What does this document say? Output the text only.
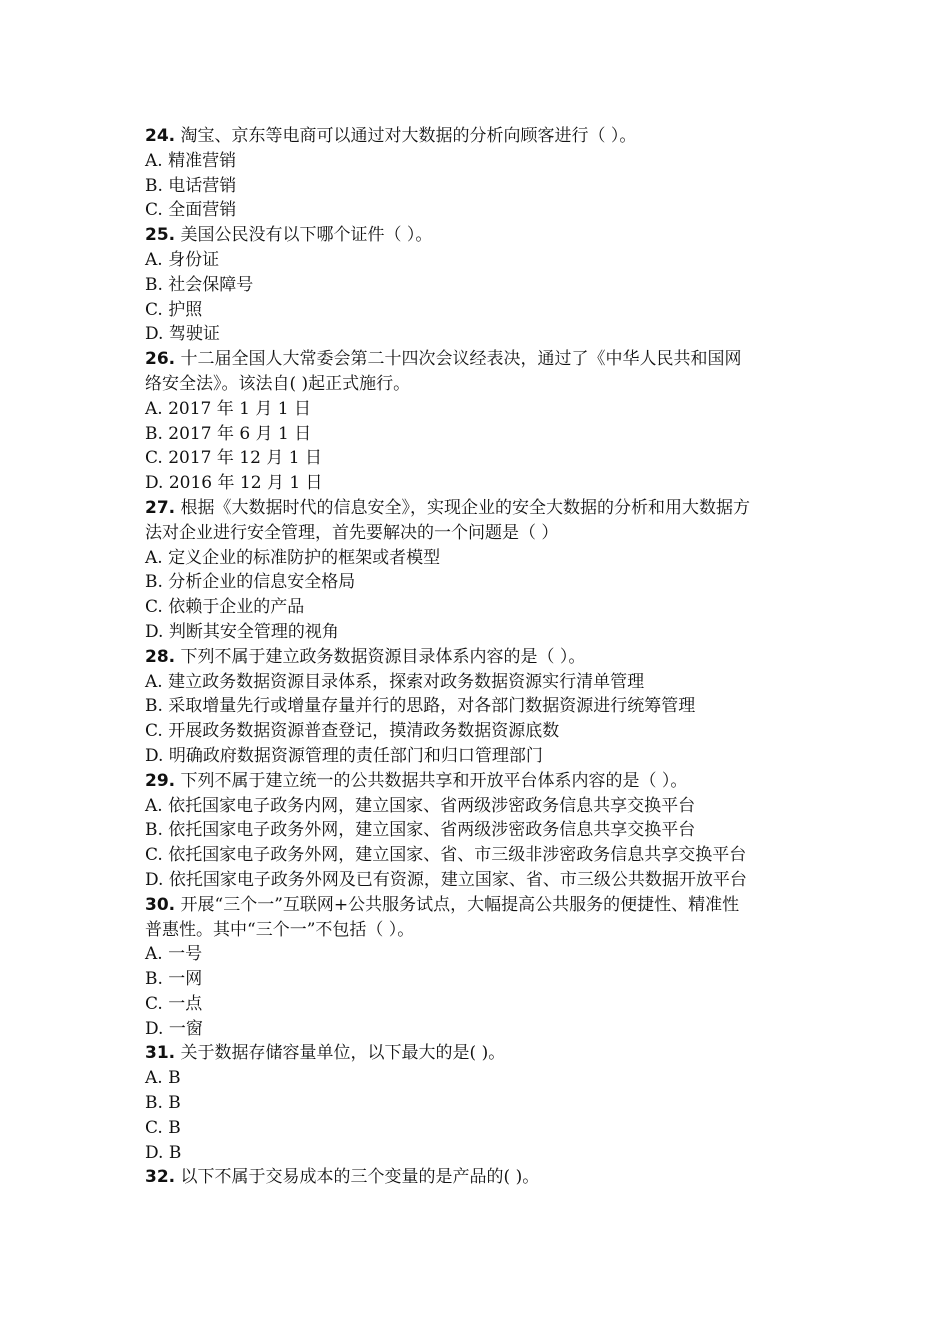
24. 淘宝、京东等电商可以通过对大数据的分析向顾客进行（ ）。
A. 精准营销
B. 电话营销
C. 全面营销
25. 美国公民没有以下哪个证件（ ）。
A. 身份证
B. 社会保障号
C. 护照
D. 驾驶证
26. 十二届全国人大常委会第二十四次会议经表决，通过了《中华人民共和国网
络安全法》。该法自( )起正式施行。
A. 2017 年 1 月 1 日
B. 2017 年 6 月 1 日
C. 2017 年 12 月 1 日
D. 2016 年 12 月 1 日
27. 根据《大数据时代的信息安全》，实现企业的安全大数据的分析和用大数据方
法对企业进行安全管理，首先要解决的一个问题是（ ）
A. 定义企业的标准防护的框架或者模型
B. 分析企业的信息安全格局
C. 依赖于企业的产品
D. 判断其安全管理的视角
28. 下列不属于建立政务数据资源目录体系内容的是（ ）。
A. 建立政务数据资源目录体系，探索对政务数据资源实行清单管理
B. 采取增量先行或增量存量并行的思路，对各部门数据资源进行统筹管理
C. 开展政务数据资源普查登记，摸清政务数据资源底数
D. 明确政府数据资源管理的责任部门和归口管理部门
29. 下列不属于建立统一的公共数据共享和开放平台体系内容的是（ ）。
A. 依托国家电子政务内网，建立国家、省两级涉密政务信息共享交换平台
B. 依托国家电子政务外网，建立国家、省两级涉密政务信息共享交换平台
C. 依托国家电子政务外网，建立国家、省、市三级非涉密政务信息共享交换平台
D. 依托国家电子政务外网及已有资源，建立国家、省、市三级公共数据开放平台
30. 开展“三个一”互联网+公共服务试点，大幅提高公共服务的便捷性、精准性
普惠性。其中“三个一”不包括（ ）。
A. 一号
B. 一网
C. 一点
D. 一窗
31. 关于数据存储容量单位，以下最大的是( )。
A. B
B. B
C. B
D. B
32. 以下不属于交易成本的三个变量的是产品的( )。
